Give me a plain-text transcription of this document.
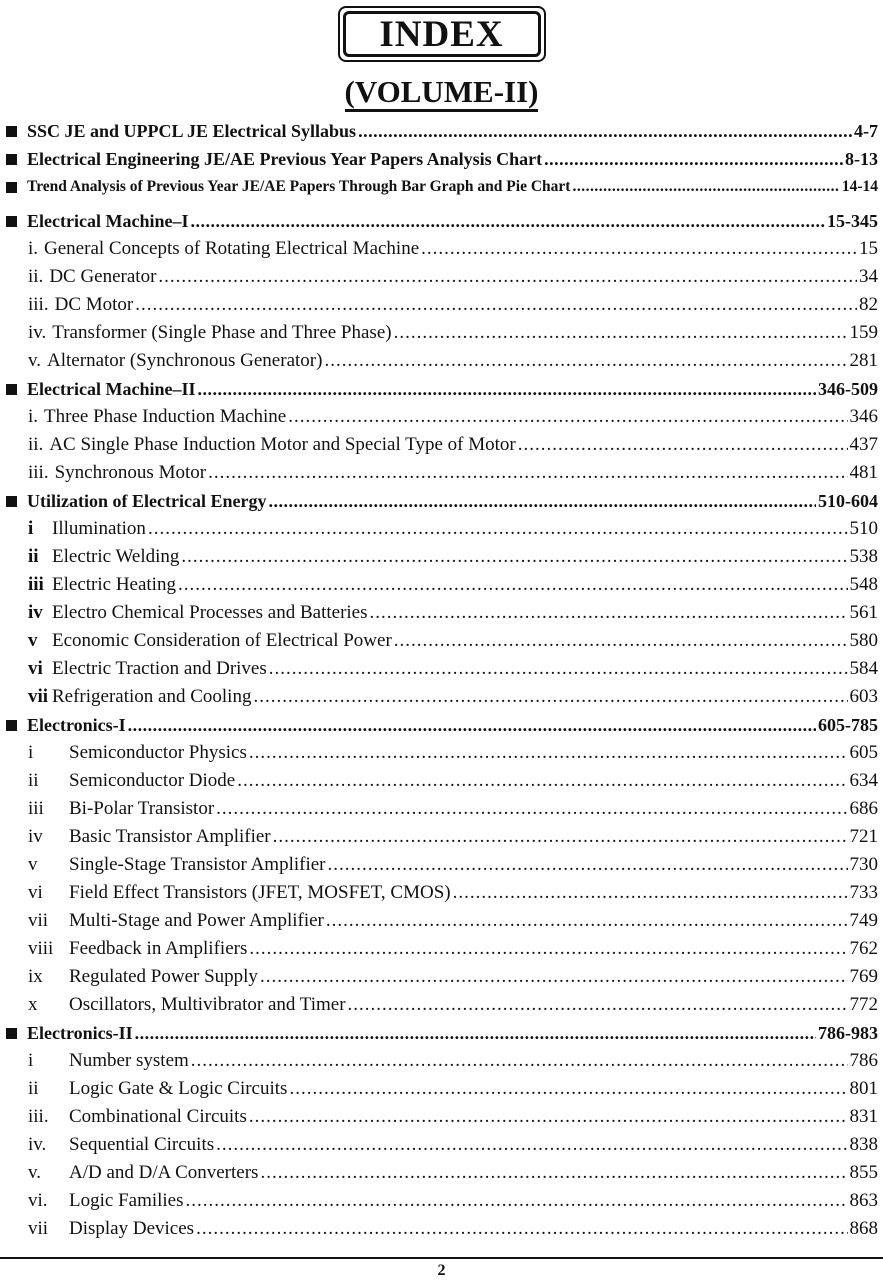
INDEX
(VOLUME-II)
SSC JE and UPPCL JE Electrical Syllabus .....	4-7
Electrical Engineering JE/AE Previous Year Papers Analysis Chart .....	8-13
Trend Analysis of Previous Year JE/AE Papers Through Bar Graph and Pie Chart .....	14-14
Electrical Machine–I .....	15-345
i. General Concepts of Rotating Electrical Machine .....	15
ii. DC Generator .....	34
iii. DC Motor .....	82
iv. Transformer (Single Phase and Three Phase) .....	159
v. Alternator (Synchronous Generator) .....	281
Electrical Machine–II .....	346-509
i. Three Phase Induction Machine .....	346
ii. AC Single Phase Induction Motor and Special Type of Motor .....	437
iii. Synchronous Motor .....	481
Utilization of Electrical Energy .....	510-604
i Illumination .....	510
ii Electric Welding .....	538
iii Electric Heating .....	548
iv Electro Chemical Processes and Batteries .....	561
v Economic Consideration of Electrical Power .....	580
vi Electric Traction and Drives .....	584
vii Refrigeration and Cooling .....	603
Electronics-I .....	605-785
i	Semiconductor Physics .....	605
ii	Semiconductor Diode .....	634
iii	Bi-Polar Transistor .....	686
iv	Basic Transistor Amplifier .....	721
v	Single-Stage Transistor Amplifier .....	730
vi	Field Effect Transistors (JFET, MOSFET, CMOS) .....	733
vii	Multi-Stage and Power Amplifier .....	749
viii Feedback in Amplifiers .....	762
ix	Regulated Power Supply .....	769
x	Oscillators, Multivibrator and Timer .....	772
Electronics-II .....	786-983
i	Number system .....	786
ii	Logic Gate & Logic Circuits .....	801
iii.	Combinational Circuits .....	831
iv.	Sequential Circuits .....	838
v.	A/D and D/A Converters .....	855
vi.	Logic Families .....	863
vii	Display Devices .....	868
2
